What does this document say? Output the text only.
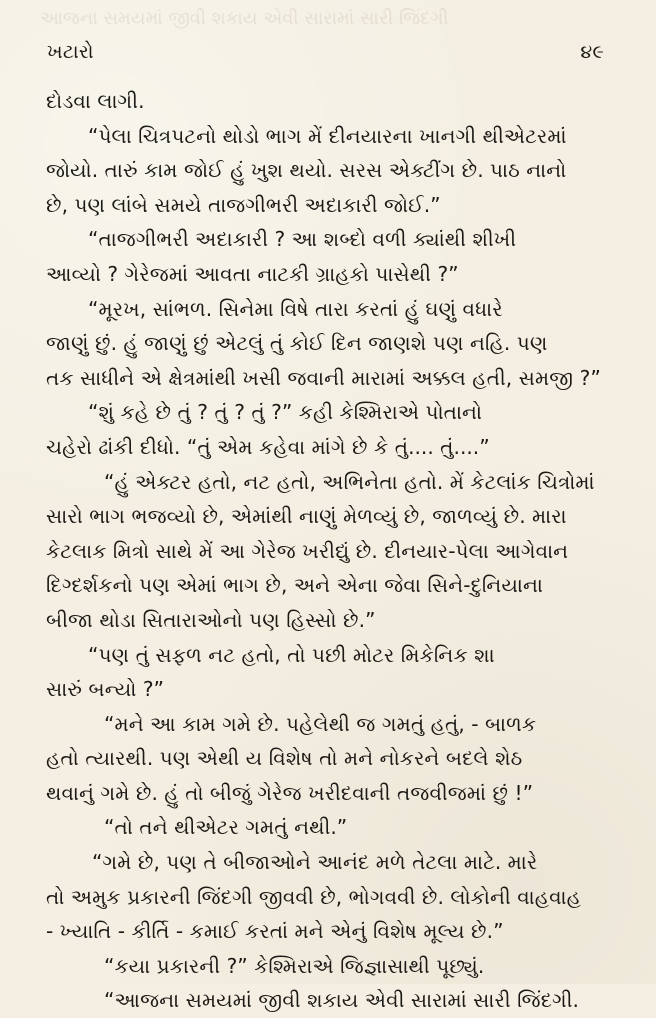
આજના સમયમાં જીવી શકાય એવી સારામાં સારી જિંદગી
ખટારો	૪૯
દોડવા લાગી.
“પેલા ચિત્રપટનો થોડો ભાગ મેં દીનયારના ખાનગી થીએટરમાં
જોયો. તારું કામ જોઈ હું ખુશ થયો. સરસ એક્ટીંગ છે. પાઠ નાનો
છે, પણ લાંબે સમયે તાજગીભરી અદાકારી જોઈ.”
“તાજગીભરી અદાકારી ? આ શબ્દો વળી ક્યાંથી શીખી
આવ્યો ? ગેરેજમાં આવતા નાટકી ગ્રાહકો પાસેથી ?”
“મૂરખ, સાંભળ. સિનેમા વિષે તારા કરતાં હું ઘણું વધારે
જાણું છું. હું જાણું છું એટલું તું કોઈ દિન જાણશે પણ નહિ. પણ
તક સાધીને એ ક્ષેત્રમાંથી ખસી જવાની મારામાં અક્કલ હતી, સમજી ?”
“શું કહે છે તું ? તું ? તું ?” કહી કેશ્મિરાએ પોતાનો
ચહેરો ઢાંકી દીધો. “તું એમ કહેવા માંગે છે કે તું.... તું....”
“હું એક્ટર હતો, નટ હતો, અભિનેતા હતો. મેં કેટલાંક ચિત્રોમાં
સારો ભાગ ભજવ્યો છે, એમાંથી નાણું મેળવ્યું છે, જાળવ્યું છે. મારા
કેટલાક મિત્રો સાથે મેં આ ગેરેજ ખરીદ્યું છે. દીનયાર-પેલા આગેવાન
દિગ્દર્શકનો પણ એમાં ભાગ છે, અને એના જેવા સિને-દુનિયાના
બીજા થોડા સિતારાઓનો પણ હિસ્સો છે.”
“પણ તું સફળ નટ હતો, તો પછી મોટર મિકેનિક શા
સારું બન્યો ?”
“મને આ કામ ગમે છે. પહેલેથી જ ગમતું હતું, - બાળક
હતો ત્યારથી. પણ એથી ય વિશેષ તો મને નોકરને બદલે શેઠ
થવાનું ગમે છે. હું તો બીજું ગેરેજ ખરીદવાની તજવીજમાં છું !”
“તો તને થીએટર ગમતું નથી.”
“ગમે છે, પણ તે બીજાઓને આનંદ મળે તેટલા માટે. મારે
તો અમુક પ્રકારની જિંદગી જીવવી છે, ભોગવવી છે. લોકોની વાહવાહ
- ખ્યાતિ - કીર્તિ - કમાઈ કરતાં મને એનું વિશેષ મૂલ્ય છે.”
“કયા પ્રકારની ?” કેશ્મિરાએ જિજ્ઞાસાથી પૂછ્યું.
“આજના સમયમાં જીવી શકાય એવી સારામાં સારી જિંદગી.
